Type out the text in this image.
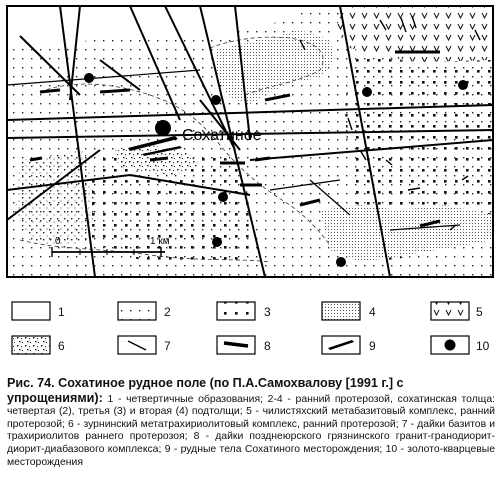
Сохатиное
0	1 км
1	2	3	4	5
6	7	8	9	10
Рис. 74. Сохатиное рудное поле (по П.А.Самохвалову [1991 г.] с
упрощениями): 1 - четвертичные образования; 2-4 - ранний протерозой, сохатинская толща: четвертая (2), третья (3) и вторая (4) подтолщи; 5 - чилистяхский метабазитовый комплекс, ранний протерозой; 6 - зурнинский метатрахириолитовый комплекс, ранний протерозой; 7 - дайки базитов и трахириолитов раннего протерозоя; 8 - дайки позднеюрского грязнинского гранит-гранодиорит-диорит-диабазового комплекса; 9 - рудные тела Сохатиного месторождения; 10 - золото-кварцевые месторождения
